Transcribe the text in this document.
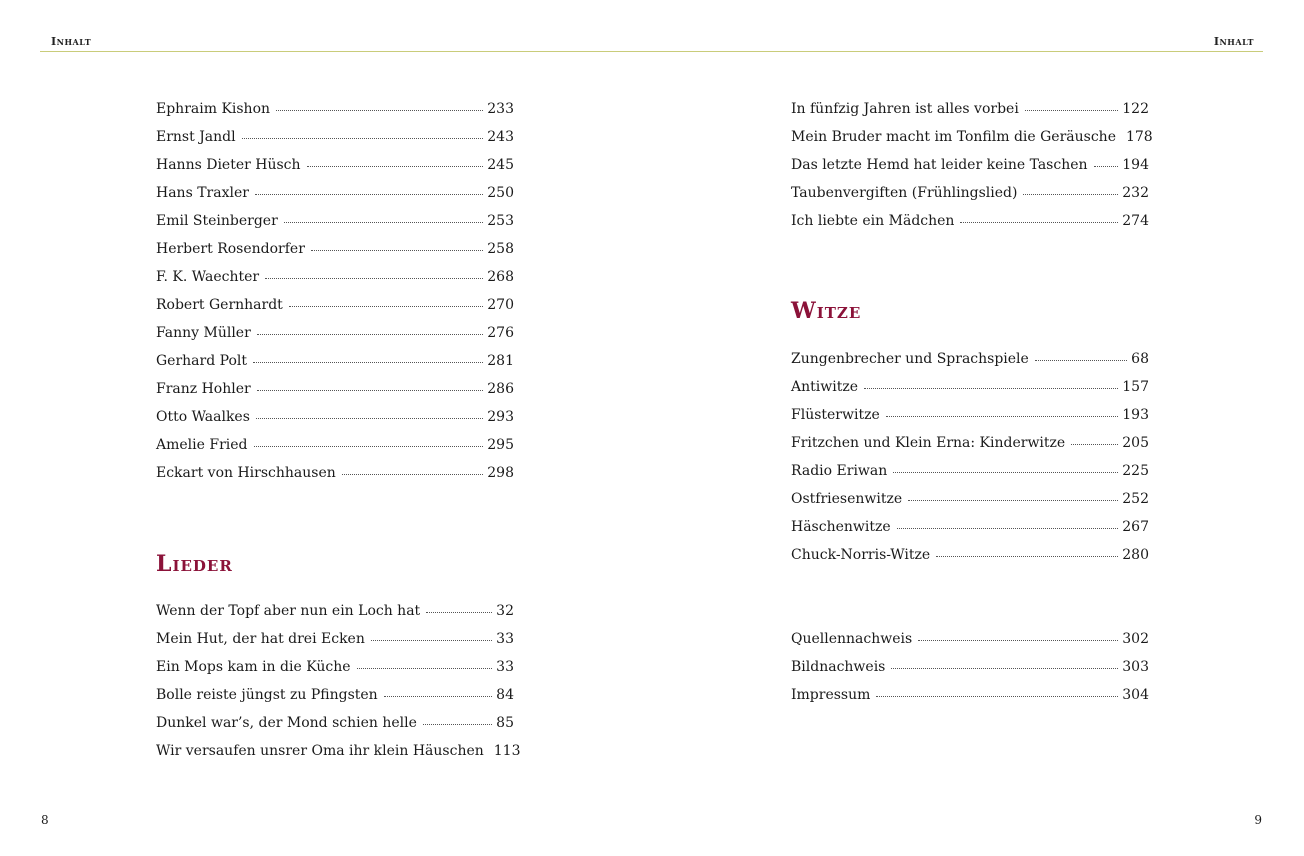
Inhalt	Inhalt
Ephraim Kishon	233
Ernst Jandl	243
Hanns Dieter Hüsch	245
Hans Traxler	250
Emil Steinberger	253
Herbert Rosendorfer	258
F. K. Waechter	268
Robert Gernhardt	270
Fanny Müller	276
Gerhard Polt	281
Franz Hohler	286
Otto Waalkes	293
Amelie Fried	295
Eckart von Hirschhausen	298
Lieder
Wenn der Topf aber nun ein Loch hat	32
Mein Hut, der hat drei Ecken	33
Ein Mops kam in die Küche	33
Bolle reiste jüngst zu Pfingsten	84
Dunkel war’s, der Mond schien helle	85
Wir versaufen unsrer Oma ihr klein Häuschen 113
In fünfzig Jahren ist alles vorbei	122
Mein Bruder macht im Tonfilm die Geräusche 178
Das letzte Hemd hat leider keine Taschen	194
Taubenvergiften (Frühlingslied)	232
Ich liebte ein Mädchen	274
Witze
Zungenbrecher und Sprachspiele	68
Antiwitze	157
Flüsterwitze	193
Fritzchen und Klein Erna: Kinderwitze	205
Radio Eriwan	225
Ostfriesenwitze	252
Häschenwitze	267
Chuck-Norris-Witze	280
Quellennachweis	302
Bildnachweis	303
Impressum	304
8	9
